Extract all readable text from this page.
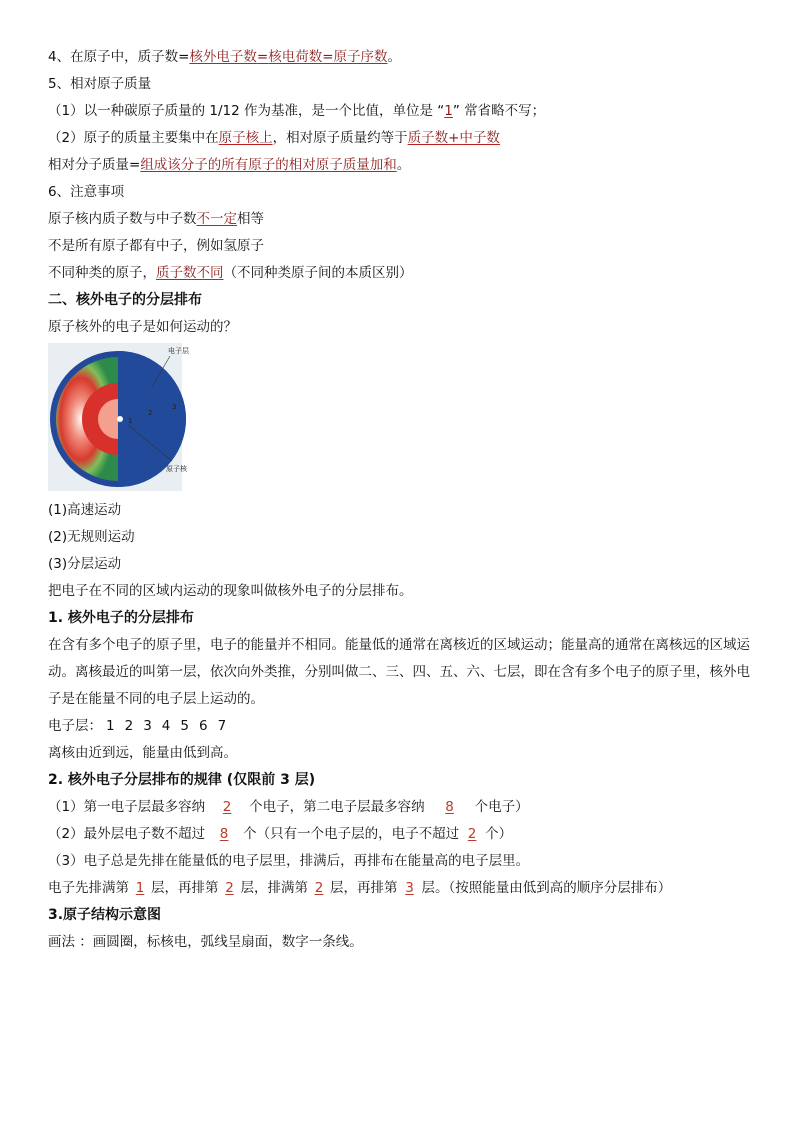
4、在原子中，质子数=核外电子数=核电荷数=原子序数。
5、相对原子质量
（1）以一种碳原子质量的 1/12 作为基准，是一个比值，单位是 “1” 常省略不写；
（2）原子的质量主要集中在原子核上，相对原子质量约等于质子数+中子数
相对分子质量=组成该分子的所有原子的相对原子质量加和。
6、注意事项
原子核内质子数与中子数不一定相等
不是所有原子都有中子，例如氢原子
不同种类的原子，质子数不同（不同种类原子间的本质区别）
二、核外电子的分层排布
原子核外的电子是如何运动的？
电子层
原子核
1
2
3
(1)高速运动
(2)无规则运动
(3)分层运动
把电子在不同的区域内运动的现象叫做核外电子的分层排布。
1. 核外电子的分层排布
在含有多个电子的原子里，电子的能量并不相同。能量低的通常在离核近的区域运动；能量高的通常在离核远的区域运动。离核最近的叫第一层，依次向外类推，分别叫做二、三、四、五、六、七层，即在含有多个电子的原子里，核外电子是在能量不同的电子层上运动的。
电子层： 1 2 3 4 5 6 7
离核由近到远，能量由低到高。
2. 核外电子分层排布的规律 (仅限前 3 层)
（1）第一电子层最多容纳 2 个电子，第二电子层最多容纳 8 个电子）
（2）最外层电子数不超过 8 个（只有一个电子层的，电子不超过 2 个）
（3）电子总是先排在能量低的电子层里，排满后，再排布在能量高的电子层里。
电子先排满第 1 层，再排第 2 层，排满第 2 层，再排第 3 层。（按照能量由低到高的顺序分层排布）
3.原子结构示意图
画法 ：画圆圈，标核电，弧线呈扇面，数字一条线。
